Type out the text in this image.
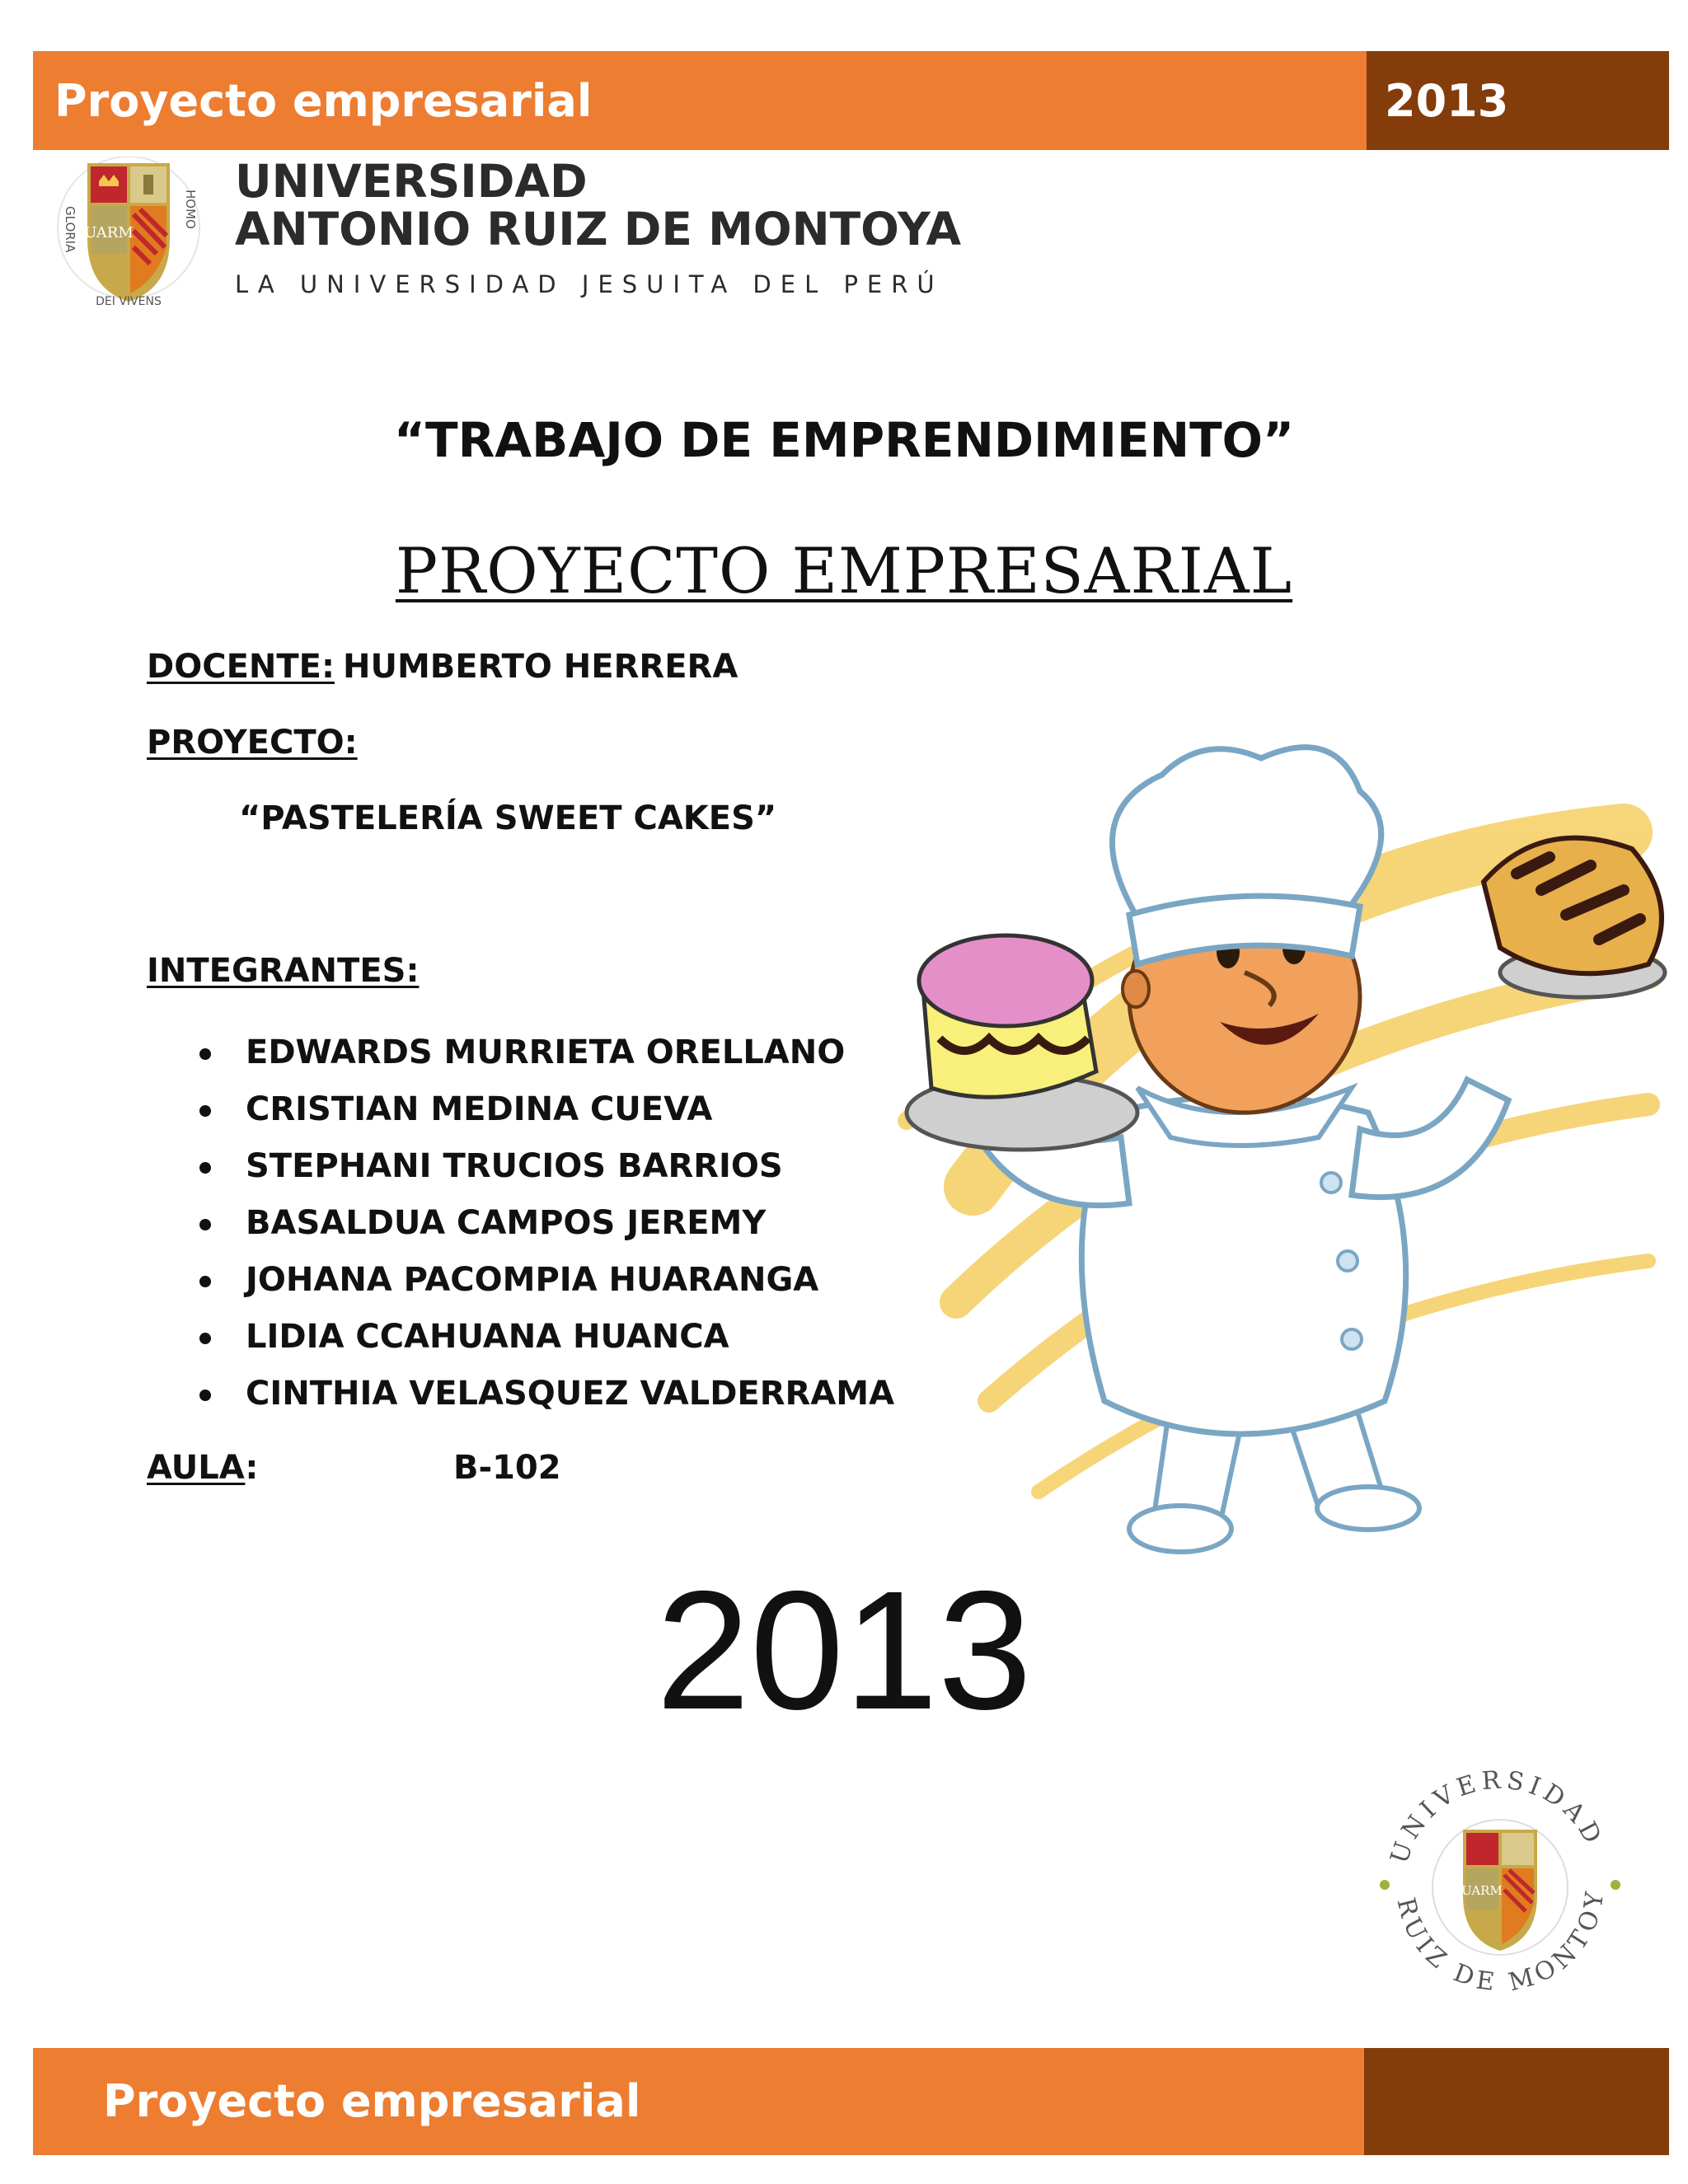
Proyecto empresarial	2013
UARM
GLORIA	HOMO
DEI VIVENS
UNIVERSIDAD
ANTONIO RUIZ DE MONTOYA
LA UNIVERSIDAD JESUITA DEL PERÚ
“TRABAJO DE EMPRENDIMIENTO”
PROYECTO EMPRESARIAL
DOCENTE: HUMBERTO HERRERA
PROYECTO:
“PASTELERÍA SWEET CAKES”
INTEGRANTES:
EDWARDS MURRIETA ORELLANO
CRISTIAN MEDINA CUEVA
STEPHANI TRUCIOS BARRIOS
BASALDUA CAMPOS JEREMY
JOHANA PACOMPIA HUARANGA
LIDIA CCAHUANA HUANCA
CINTHIA VELASQUEZ VALDERRAMA
AULA:	B-102
2013
UNIVERSIDAD
RUIZ DE MONTOY
UARM
Proyecto empresarial
